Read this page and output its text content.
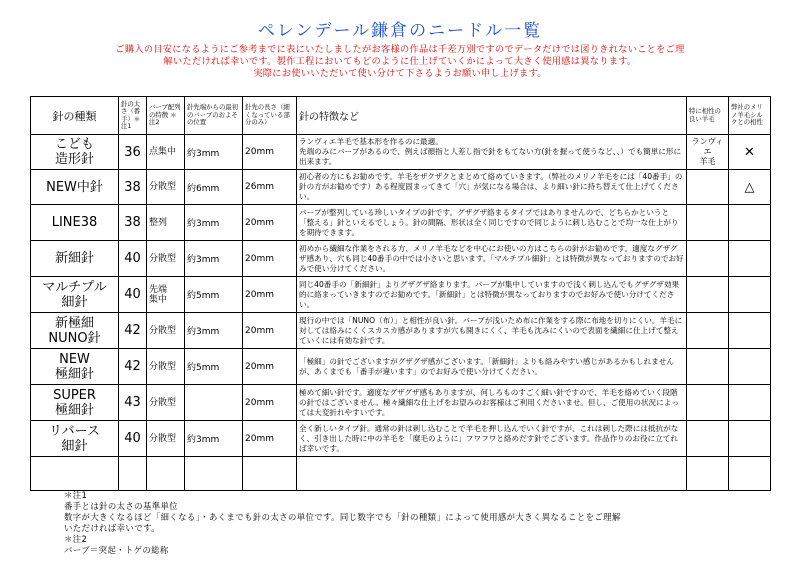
ペレンデール鎌倉のニードル一覧
ご購入の目安になるようにご参考までに表にいたしましたがお客様の作品は千差万別ですのでデータだけでは図りきれないことをご理
解いただければ幸いです。製作工程においてもどのように仕上げていくかによって大きく使用感は異なります。
実際にお使いいただいて使い分けて下さるようお願い申し上げます。
針の種類	針の太さ（番手）＊注1	バーブ配列の特徴 ＊注2	針先端からの最初のバーブのおよその位置	針先の長さ（細くなっている部分のみ）	針の特徴など	特に相性の良い羊毛	弊社のメリノ羊毛シルクとの相性
こども
造形針	36	点集中	約3mm	20mm	ランヴィエ羊毛で基本形を作るのに最適。
先端のみにバーブがあるので、例えば顔指と人差し指で針をもてない方(針を握って使うなど、、）でも簡単に形に出来ます。	ランヴィエ
羊毛	✕
NEW中針	38	分散型	約6mm	26mm	初心者の方にもお勧めです。羊毛をザクザクとまとめて絡めていきます。（弊社のメリノ羊毛をには「40番手」の針の方がお勧めです）ある程度固まってきて「穴」が気になる場合は、より細い針に持ち替えて仕上げてください。		△
LINE38	38	整列	約3mm	20mm	バーブが整列している珍しいタイプの針です。グザグザ絡まるタイプではありませんので、どちらかというと「整える」針といえるでしょう。針の間隔、形状は全く同じですので同じように刺し込むことで均一な仕上がりを期待できます。		
新細針	40	分散型	約3mm	20mm	初めから繊細な作業をされる方、メリノ羊毛などを中心にお使いの方はこちらの針がお勧めです。適度なグザグザ感あり、穴も同じ40番手の中では小さいと思います。「マルチプル細針」とは特徴が異なっておりますのでお好みで使い分けてください。		
マルチプル
細針	40	先端
集中	約5mm	20mm	同じ40番手の「新細針」よりグザグザ絡まります。バーブが集中していますので浅く刺し込んでもグザグザ効果的に絡まっていきますのでお勧めです。「新細針」とは特徴が異なっておりますのでお好みで使い分けてください。		
新極細
NUNO針	42	分散型	約3mm	20mm	現行の中では「NUNO（布）」と相性が良い針。バーブが浅いため布に作業をする際に布地を切りにくい。羊毛に対しては絡みにくくスカスカ感がありますが穴も開きにくく、羊毛も沈みにくいので表面を繊細に仕上げて整えていくには有効な針です。		
NEW
極細針	42	分散型	約5mm	20mm	「極細」の針でございますがグザグザ感がございます。「新細針」よりも絡みやすい感じがあるかもしれませんが、あくまでも「番手が違います」のでお好みで使い分けてください。		
SUPER
極細針	43	分散型		20mm	極めて細い針です。適度なグザグザ感もありますが、何しろものすごく細い針ですので、羊毛を絡めていく段階の針ではございません。極々繊細な仕上げをお望みのお客様はご利用くださいませ。但し、ご使用の状況によっては大変折れやすいです。		
リバース
細針	40	分散型	約3mm	20mm	全く新しいタイプ針。通常の針は刺し込むことで羊毛を押し込んでいく針ですが、これは刺した際には抵抗がなく、引き出した時に中の羊毛を「糜毛のように」フワフワと絡めだす針でございます。作品作りのお役に立てれば幸いです。		

＊注1
番手とは針の太さの基準単位
数字が大きくなるほど「細くなる」・あくまでも針の太さの単位です。同じ数字でも「針の種類」によって使用感が大きく異なることをご理解
いただければ幸いです。
＊注2
バーブ＝突起・トゲの総称
